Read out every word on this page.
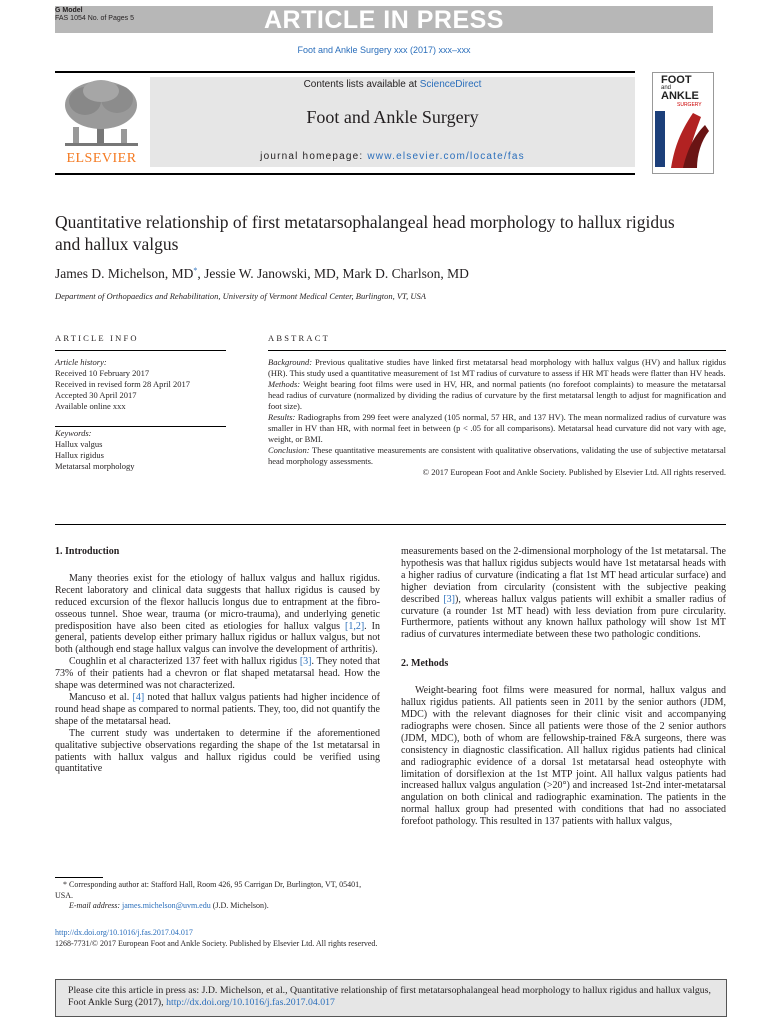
ARTICLE IN PRESS
G Model
FAS 1054 No. of Pages 5
Foot and Ankle Surgery xxx (2017) xxx–xxx
ELSEVIER
Contents lists available at ScienceDirect
Foot and Ankle Surgery
journal homepage: www.elsevier.com/locate/fas
FOOT
and
ANKLE
SURGERY
Quantitative relationship of first metatarsophalangeal head morphology to hallux rigidus and hallux valgus
James D. Michelson, MD*, Jessie W. Janowski, MD, Mark D. Charlson, MD
Department of Orthopaedics and Rehabilitation, University of Vermont Medical Center, Burlington, VT, USA
ARTICLE INFO	ABSTRACT
Article history:
Received 10 February 2017
Received in revised form 28 April 2017
Accepted 30 April 2017
Available online xxx
Keywords:
Hallux valgus
Hallux rigidus
Metatarsal morphology

Background: Previous qualitative studies have linked first metatarsal head morphology with hallux valgus (HV) and hallux rigidus (HR). This study used a quantitative measurement of 1st MT radius of curvature to assess if HR MT heads were flatter than HV heads.

Methods: Weight bearing foot films were used in HV, HR, and normal patients (no forefoot complaints) to measure the metatarsal head radius of curvature (normalized by dividing the radius of curvature by the first metatarsal length to adjust for magnification and foot size).

Results: Radiographs from 299 feet were analyzed (105 normal, 57 HR, and 137 HV). The mean normalized radius of curvature was smaller in HV than HR, with normal feet in between (p < .05 for all comparisons). Metatarsal head curvature did not vary with age, weight, or BMI.

Conclusion: These quantitative measurements are consistent with qualitative observations, validating the use of subjective metatarsal head morphology assessments.

© 2017 European Foot and Ankle Society. Published by Elsevier Ltd. All rights reserved.

1. Introduction

Many theories exist for the etiology of hallux valgus and hallux rigidus. Recent laboratory and clinical data suggests that hallux rigidus is caused by reduced excursion of the flexor hallucis longus due to entrapment at the fibro-osseous tunnel. Shoe wear, trauma (or micro-trauma), and underlying genetic predisposition have also been cited as etiologies for hallux valgus [1,2]. In general, patients develop either primary hallux rigidus or hallux valgus, but not both (although end stage hallux valgus can involve the development of arthritis).

Coughlin et al characterized 137 feet with hallux rigidus [3]. They noted that 73% of their patients had a chevron or flat shaped metatarsal head. How the shape was determined was not characterized.

Mancuso et al. [4] noted that hallux valgus patients had higher incidence of round head shape as compared to normal patients. They, too, did not quantify the shape of the metatarsal head.

The current study was undertaken to determine if the aforementioned qualitative subjective observations regarding the shape of the 1st metatarsal in patients with hallux valgus and hallux rigidus could be verified using quantitative

measurements based on the 2-dimensional morphology of the 1st metatarsal. The hypothesis was that hallux rigidus subjects would have 1st metatarsal heads with a higher radius of curvature (indicating a flat 1st MT head articular surface) and higher deviation from circularity (consistent with the subjective peaking described [3]), whereas hallux valgus patients will exhibit a smaller radius of curvature (a rounder 1st MT head) with less deviation from pure circularity. Furthermore, patients without any known hallux pathology will show 1st MT radius of curvatures intermediate between these two pathologic conditions.

2. Methods

Weight-bearing foot films were measured for normal, hallux valgus and hallux rigidus patients. All patients seen in 2011 by the senior authors (JDM, MDC) with the relevant diagnoses for their clinic visit and accompanying radiographs were chosen. Since all patients were those of the 2 senior authors (JDM, MDC), both of whom are fellowship-trained F&A surgeons, there was consistency in diagnostic classification. All hallux rigidus patients had clinical and radiographic evidence of a dorsal 1st metatarsal head osteophyte with limitation of dorsiflexion at the 1st MTP joint. All hallux valgus patients had increased hallux valgus angulation (>20°) and increased 1st-2nd inter-metatarsal angulation on both clinical and radiographic examination. The patients in the normal hallux group had presented with conditions that had no associated forefoot pathology. This resulted in 137 patients with hallux valgus,

* Corresponding author at: Stafford Hall, Room 426, 95 Carrigan Dr, Burlington, VT, 05401, USA.
E-mail address: james.michelson@uvm.edu (J.D. Michelson).
http://dx.doi.org/10.1016/j.fas.2017.04.017
1268-7731/© 2017 European Foot and Ankle Society. Published by Elsevier Ltd. All rights reserved.
Please cite this article in press as: J.D. Michelson, et al., Quantitative relationship of first metatarsophalangeal head morphology to hallux rigidus and hallux valgus, Foot Ankle Surg (2017), http://dx.doi.org/10.1016/j.fas.2017.04.017
